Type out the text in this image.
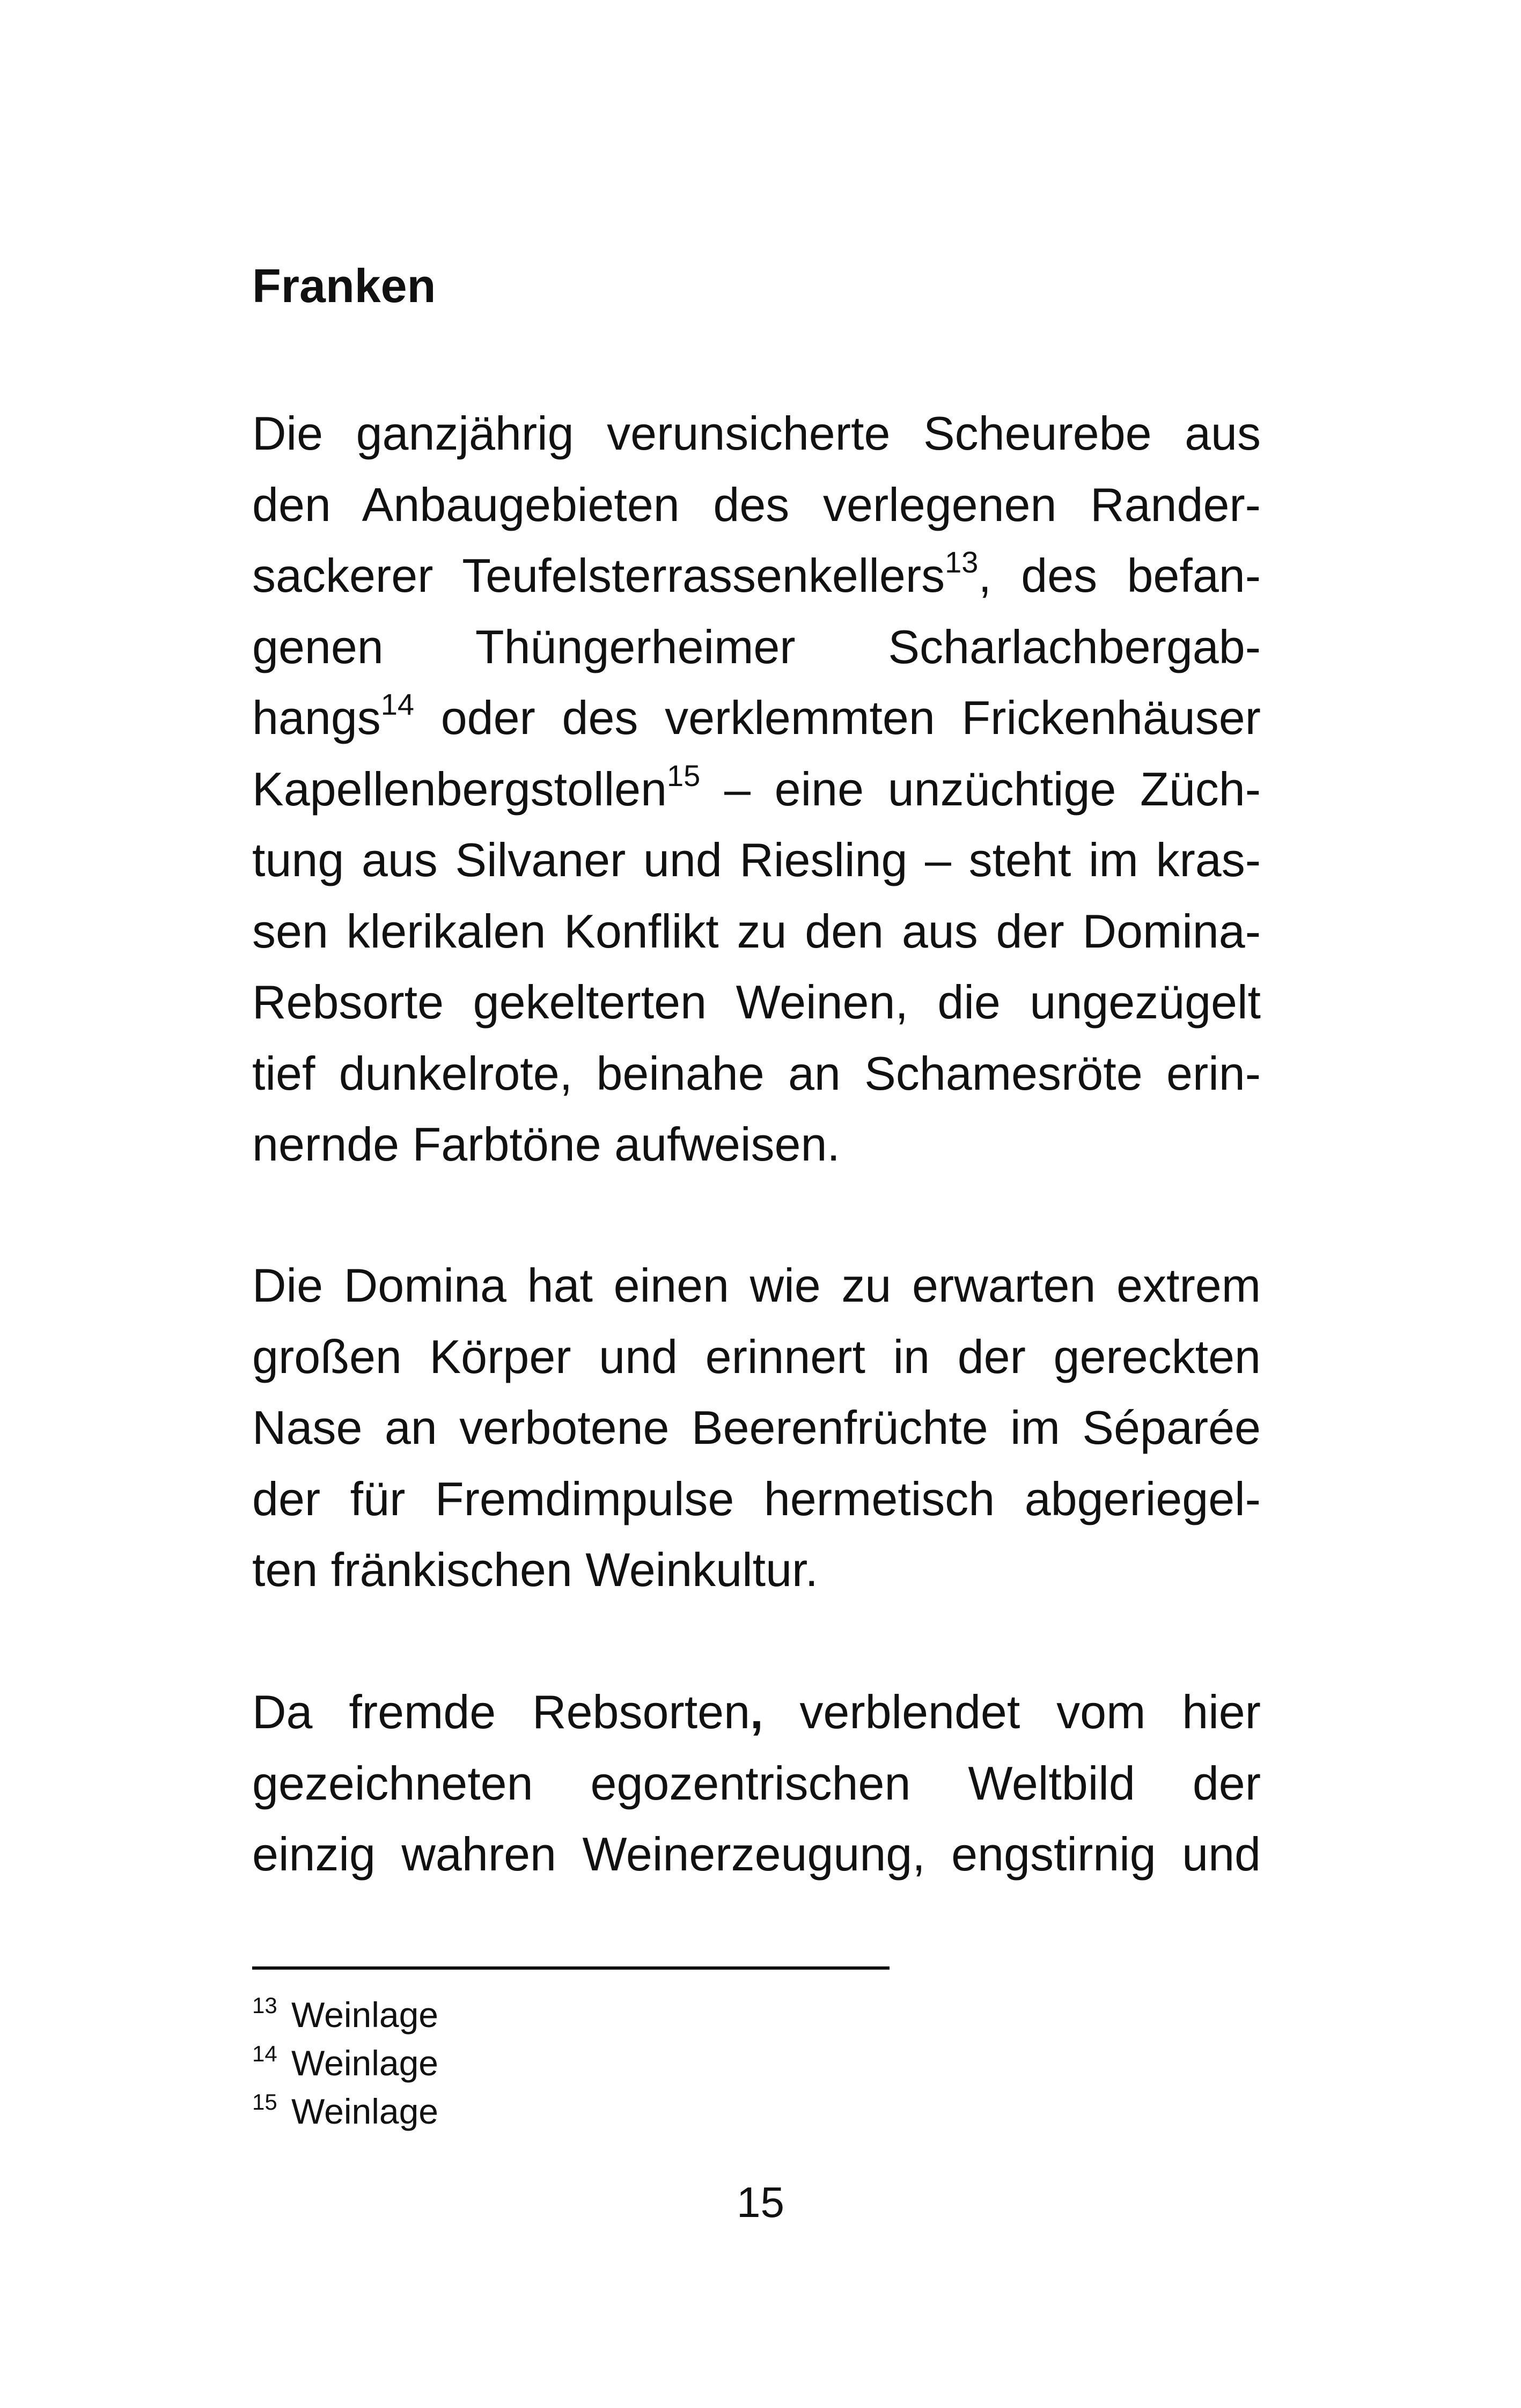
Franken
Die ganzjährig verunsicherte Scheurebe aus
den Anbaugebieten des verlegenen Rander-
sackerer Teufelsterrassenkellers$^{13}$, des befan-
genen Thüngerheimer Scharlachbergab-
hangs$^{14}$ oder des verklemmten Frickenhäuser
Kapellenbergstollen$^{15}$ – eine unzüchtige Züch-
tung aus Silvaner und Riesling – steht im kras-
sen klerikalen Konflikt zu den aus der Domina-
Rebsorte gekelterten Weinen, die ungezügelt
tief dunkelrote, beinahe an Schamesröte erin-
nernde Farbtöne aufweisen.
Die Domina hat einen wie zu erwarten extrem
großen Körper und erinnert in der gereckten
Nase an verbotene Beerenfrüchte im Séparée
der für Fremdimpulse hermetisch abgeriegel-
ten fränkischen Weinkultur.
Da fremde Rebsorten, verblendet vom hier
gezeichneten egozentrischen Weltbild der
einzig wahren Weinerzeugung, engstirnig und
$^{13}$ Weinlage
$^{14}$ Weinlage
$^{15}$ Weinlage
15
